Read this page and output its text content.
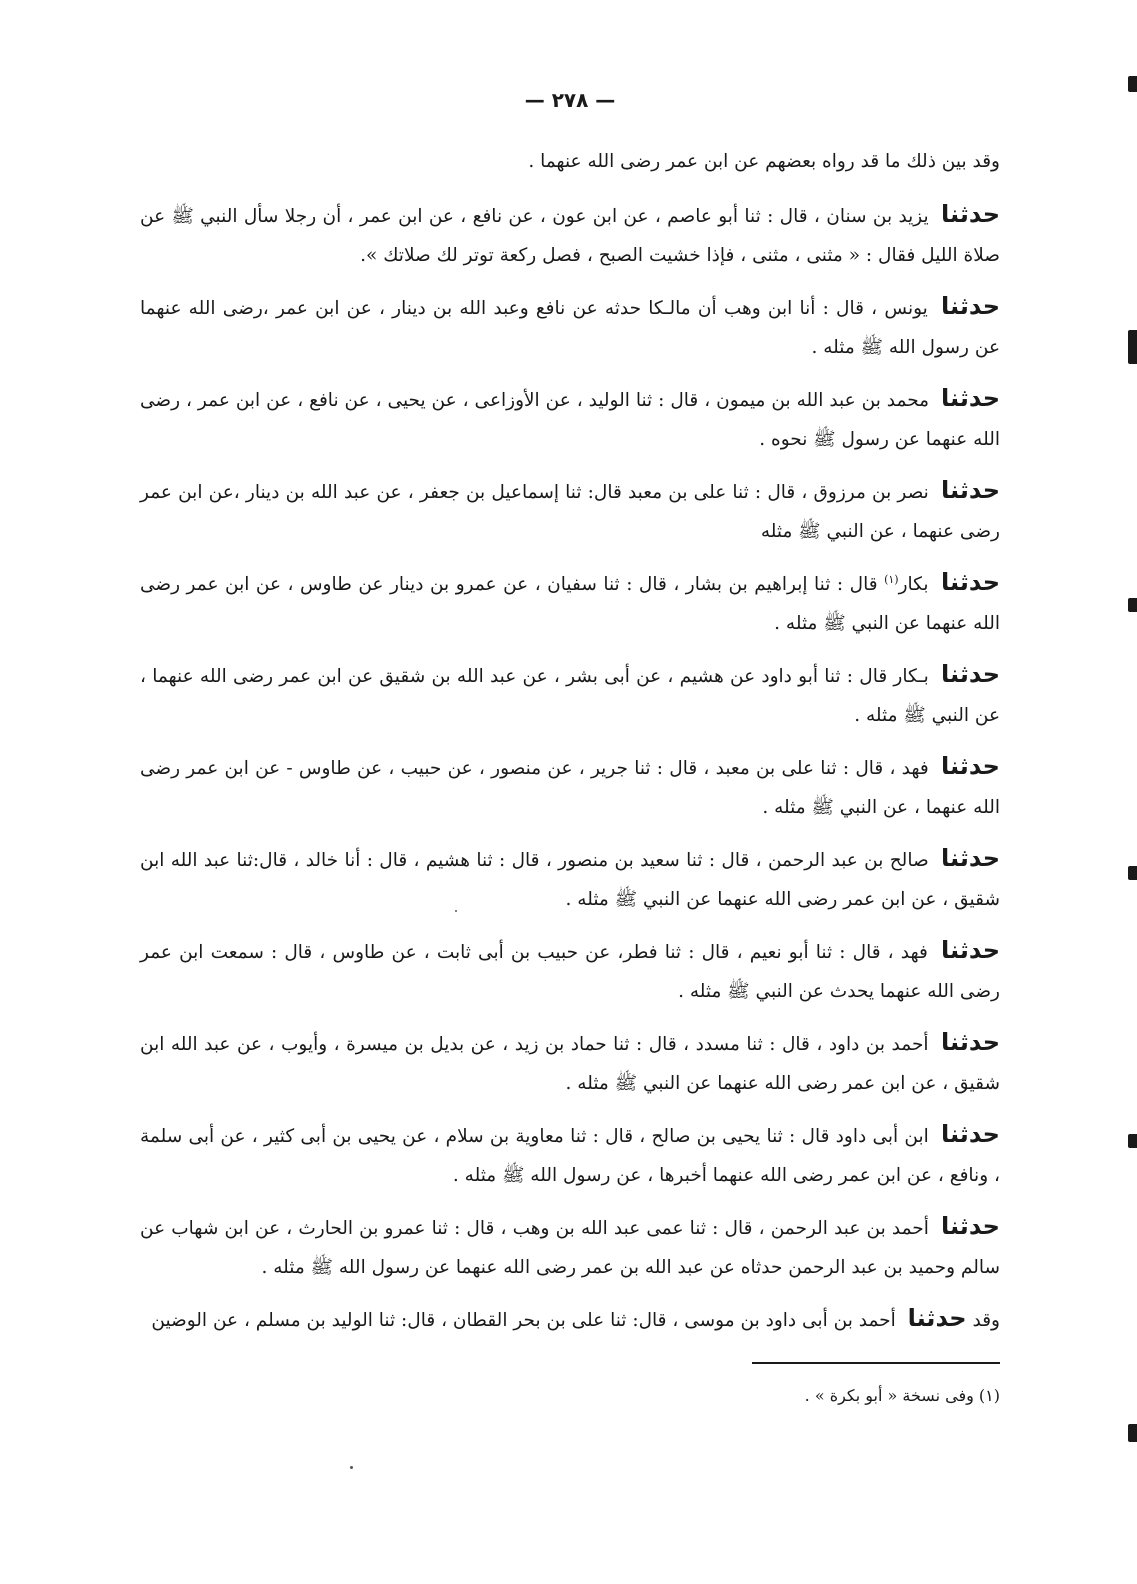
— ٢٧٨ —

وقد بين ذلك ما قد رواه بعضهم عن ابن عمر رضى الله عنهما .

حدثنا يزيد بن سنان ، قال : ثنا أبو عاصم ، عن ابن عون ، عن نافع ، عن ابن عمر ، أن رجلا سأل النبي ﷺ عن صلاة الليل فقال : « مثنى ، مثنى ، فإذا خشيت الصبح ، فصل ركعة توتر لك صلاتك ».

حدثنا يونس ، قال : أنا ابن وهب أن مالـكا حدثه عن نافع وعبد الله بن دينار ، عن ابن عمر ،رضى الله عنهما عن رسول الله ﷺ مثله .

حدثنا محمد بن عبد الله بن ميمون ، قال : ثنا الوليد ، عن الأوزاعى ، عن يحيى ، عن نافع ، عن ابن عمر ، رضى الله عنهما عن رسول ﷺ نحوه .

حدثنا نصر بن مرزوق ، قال : ثنا على بن معبد قال: ثنا إسماعيل بن جعفر ، عن عبد الله بن دينار ،عن ابن عمر رضى عنهما ، عن النبي ﷺ مثله

حدثنا بكار$^{(١)}$ قال : ثنا إبراهيم بن بشار ، قال : ثنا سفيان ، عن عمرو بن دينار عن طاوس ، عن ابن عمر رضى الله عنهما عن النبي ﷺ مثله .

حدثنا بـكار قال : ثنا أبو داود عن هشيم ، عن أبى بشر ، عن عبد الله بن شقيق عن ابن عمر رضى الله عنهما ، عن النبي ﷺ مثله .

حدثنا فهد ، قال : ثنا على بن معبد ، قال : ثنا جرير ، عن منصور ، عن حبيب ، عن طاوس - عن ابن عمر رضى الله عنهما ، عن النبي ﷺ مثله .

حدثنا صالح بن عبد الرحمن ، قال : ثنا سعيد بن منصور ، قال : ثنا هشيم ، قال : أنا خالد ، قال:ثنا عبد الله ابن شقيق ، عن ابن عمر رضى الله عنهما عن النبي ﷺ مثله .

حدثنا فهد ، قال : ثنا أبو نعيم ، قال : ثنا فطر، عن حبيب بن أبى ثابت ، عن طاوس ، قال : سمعت ابن عمر رضى الله عنهما يحدث عن النبي ﷺ مثله .

حدثنا أحمد بن داود ، قال : ثنا مسدد ، قال : ثنا حماد بن زيد ، عن بديل بن ميسرة ، وأيوب ، عن عبد الله ابن شقيق ، عن ابن عمر رضى الله عنهما عن النبي ﷺ مثله .

حدثنا ابن أبى داود قال : ثنا يحيى بن صالح ، قال : ثنا معاوية بن سلام ، عن يحيى بن أبى كثير ، عن أبى سلمة ، ونافع ، عن ابن عمر رضى الله عنهما أخبرها ، عن رسول الله ﷺ مثله .

حدثنا أحمد بن عبد الرحمن ، قال : ثنا عمى عبد الله بن وهب ، قال : ثنا عمرو بن الحارث ، عن ابن شهاب عن سالم وحميد بن عبد الرحمن حدثاه عن عبد الله بن عمر رضى الله عنهما عن رسول الله ﷺ مثله .

وقد حدثنا أحمد بن أبى داود بن موسى ، قال: ثنا على بن بحر القطان ، قال: ثنا الوليد بن مسلم ، عن الوضين

(١) وفى نسخة « أبو بكرة » .
